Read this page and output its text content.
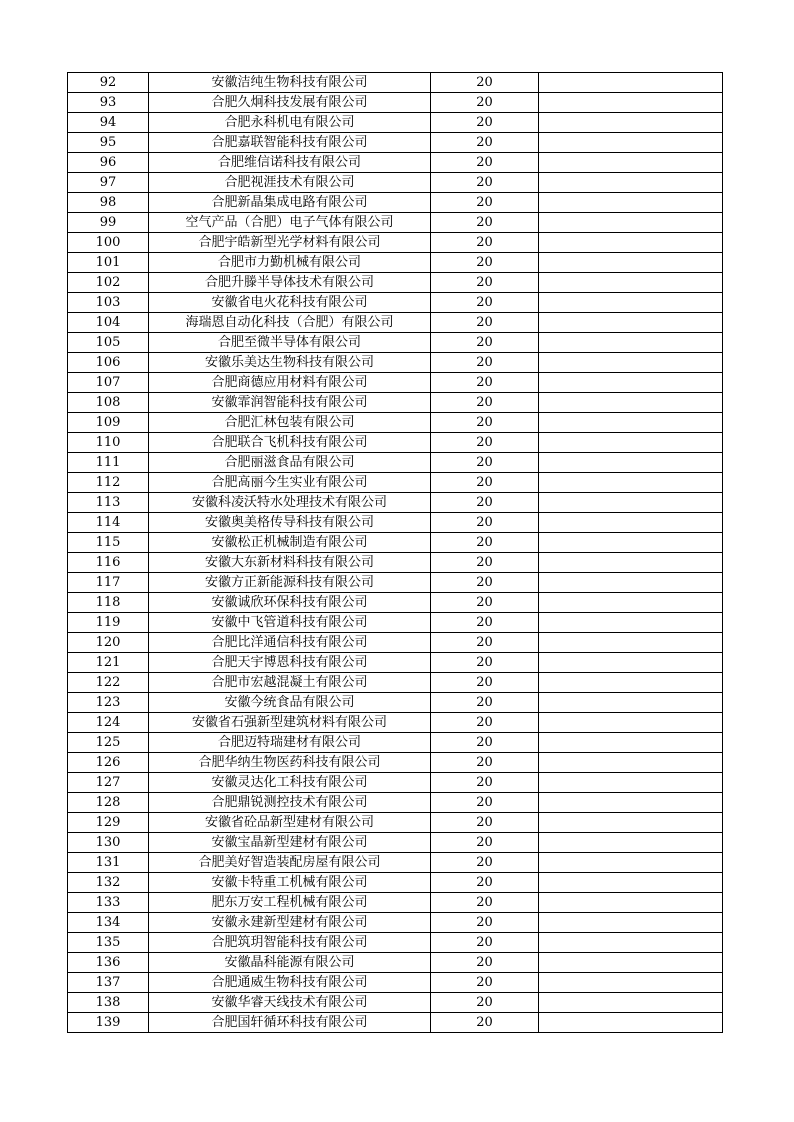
92	安徽洁纯生物科技有限公司	20	
93	合肥久炯科技发展有限公司	20	
94	合肥永科机电有限公司	20	
95	合肥嘉联智能科技有限公司	20	
96	合肥维信诺科技有限公司	20	
97	合肥视涯技术有限公司	20	
98	合肥新晶集成电路有限公司	20	
99	空气产品（合肥）电子气体有限公司	20	
100	合肥宇皓新型光学材料有限公司	20	
101	合肥市力勤机械有限公司	20	
102	合肥升滕半导体技术有限公司	20	
103	安徽省电火花科技有限公司	20	
104	海瑞恩自动化科技（合肥）有限公司	20	
105	合肥至微半导体有限公司	20	
106	安徽乐美达生物科技有限公司	20	
107	合肥商德应用材料有限公司	20	
108	安徽霏润智能科技有限公司	20	
109	合肥汇林包装有限公司	20	
110	合肥联合飞机科技有限公司	20	
111	合肥丽滋食品有限公司	20	
112	合肥高丽今生实业有限公司	20	
113	安徽科凌沃特水处理技术有限公司	20	
114	安徽奥美格传导科技有限公司	20	
115	安徽松正机械制造有限公司	20	
116	安徽大东新材料科技有限公司	20	
117	安徽方正新能源科技有限公司	20	
118	安徽诚欣环保科技有限公司	20	
119	安徽中飞管道科技有限公司	20	
120	合肥比洋通信科技有限公司	20	
121	合肥天宇博恩科技有限公司	20	
122	合肥市宏越混凝土有限公司	20	
123	安徽今统食品有限公司	20	
124	安徽省石强新型建筑材料有限公司	20	
125	合肥迈特瑞建材有限公司	20	
126	合肥华纳生物医药科技有限公司	20	
127	安徽灵达化工科技有限公司	20	
128	合肥鼎锐测控技术有限公司	20	
129	安徽省砼品新型建材有限公司	20	
130	安徽宝晶新型建材有限公司	20	
131	合肥美好智造装配房屋有限公司	20	
132	安徽卡特重工机械有限公司	20	
133	肥东万安工程机械有限公司	20	
134	安徽永建新型建材有限公司	20	
135	合肥筑玥智能科技有限公司	20	
136	安徽晶科能源有限公司	20	
137	合肥通威生物科技有限公司	20	
138	安徽华睿天线技术有限公司	20	
139	合肥国轩循环科技有限公司	20	
